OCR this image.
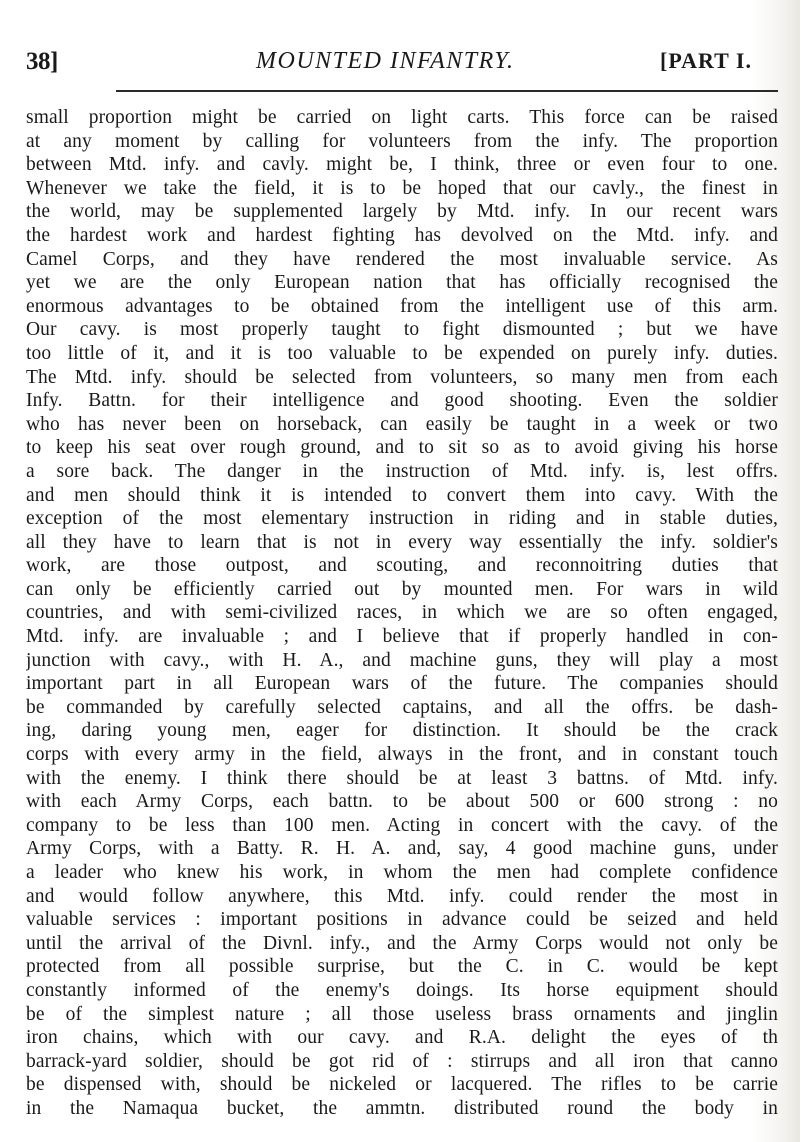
38]	MOUNTED INFANTRY.	[PART I.
small proportion might be carried on light carts. This force can be raised
at any moment by calling for volunteers from the infy. The proportion
between Mtd. infy. and cavly. might be, I think, three or even four to one.
Whenever we take the field, it is to be hoped that our cavly., the finest in
the world, may be supplemented largely by Mtd. infy. In our recent wars
the hardest work and hardest fighting has devolved on the Mtd. infy. and
Camel Corps, and they have rendered the most invaluable service. As
yet we are the only European nation that has officially recognised the
enormous advantages to be obtained from the intelligent use of this arm.
Our cavy. is most properly taught to fight dismounted ; but we have
too little of it, and it is too valuable to be expended on purely infy. duties.
The Mtd. infy. should be selected from volunteers, so many men from each
Infy. Battn. for their intelligence and good shooting. Even the soldier
who has never been on horseback, can easily be taught in a week or two
to keep his seat over rough ground, and to sit so as to avoid giving his horse
a sore back. The danger in the instruction of Mtd. infy. is, lest offrs.
and men should think it is intended to convert them into cavy. With the
exception of the most elementary instruction in riding and in stable duties,
all they have to learn that is not in every way essentially the infy. soldier's
work, are those outpost, and scouting, and reconnoitring duties that
can only be efficiently carried out by mounted men. For wars in wild
countries, and with semi-civilized races, in which we are so often engaged,
Mtd. infy. are invaluable ; and I believe that if properly handled in con-
junction with cavy., with H. A., and machine guns, they will play a most
important part in all European wars of the future. The companies should
be commanded by carefully selected captains, and all the offrs. be dash-
ing, daring young men, eager for distinction. It should be the crack
corps with every army in the field, always in the front, and in constant touch
with the enemy. I think there should be at least 3 battns. of Mtd. infy.
with each Army Corps, each battn. to be about 500 or 600 strong : no
company to be less than 100 men. Acting in concert with the cavy. of the
Army Corps, with a Batty. R. H. A. and, say, 4 good machine guns, under
a leader who knew his work, in whom the men had complete confidence
and would follow anywhere, this Mtd. infy. could render the most in
valuable services : important positions in advance could be seized and held
until the arrival of the Divnl. infy., and the Army Corps would not only be
protected from all possible surprise, but the C. in C. would be kept
constantly informed of the enemy's doings. Its horse equipment should
be of the simplest nature ; all those useless brass ornaments and jinglin
iron chains, which with our cavy. and R.A. delight the eyes of th
barrack-yard soldier, should be got rid of : stirrups and all iron that canno
be dispensed with, should be nickeled or lacquered. The rifles to be carrie
in the Namaqua bucket, the ammtn. distributed round the body in
